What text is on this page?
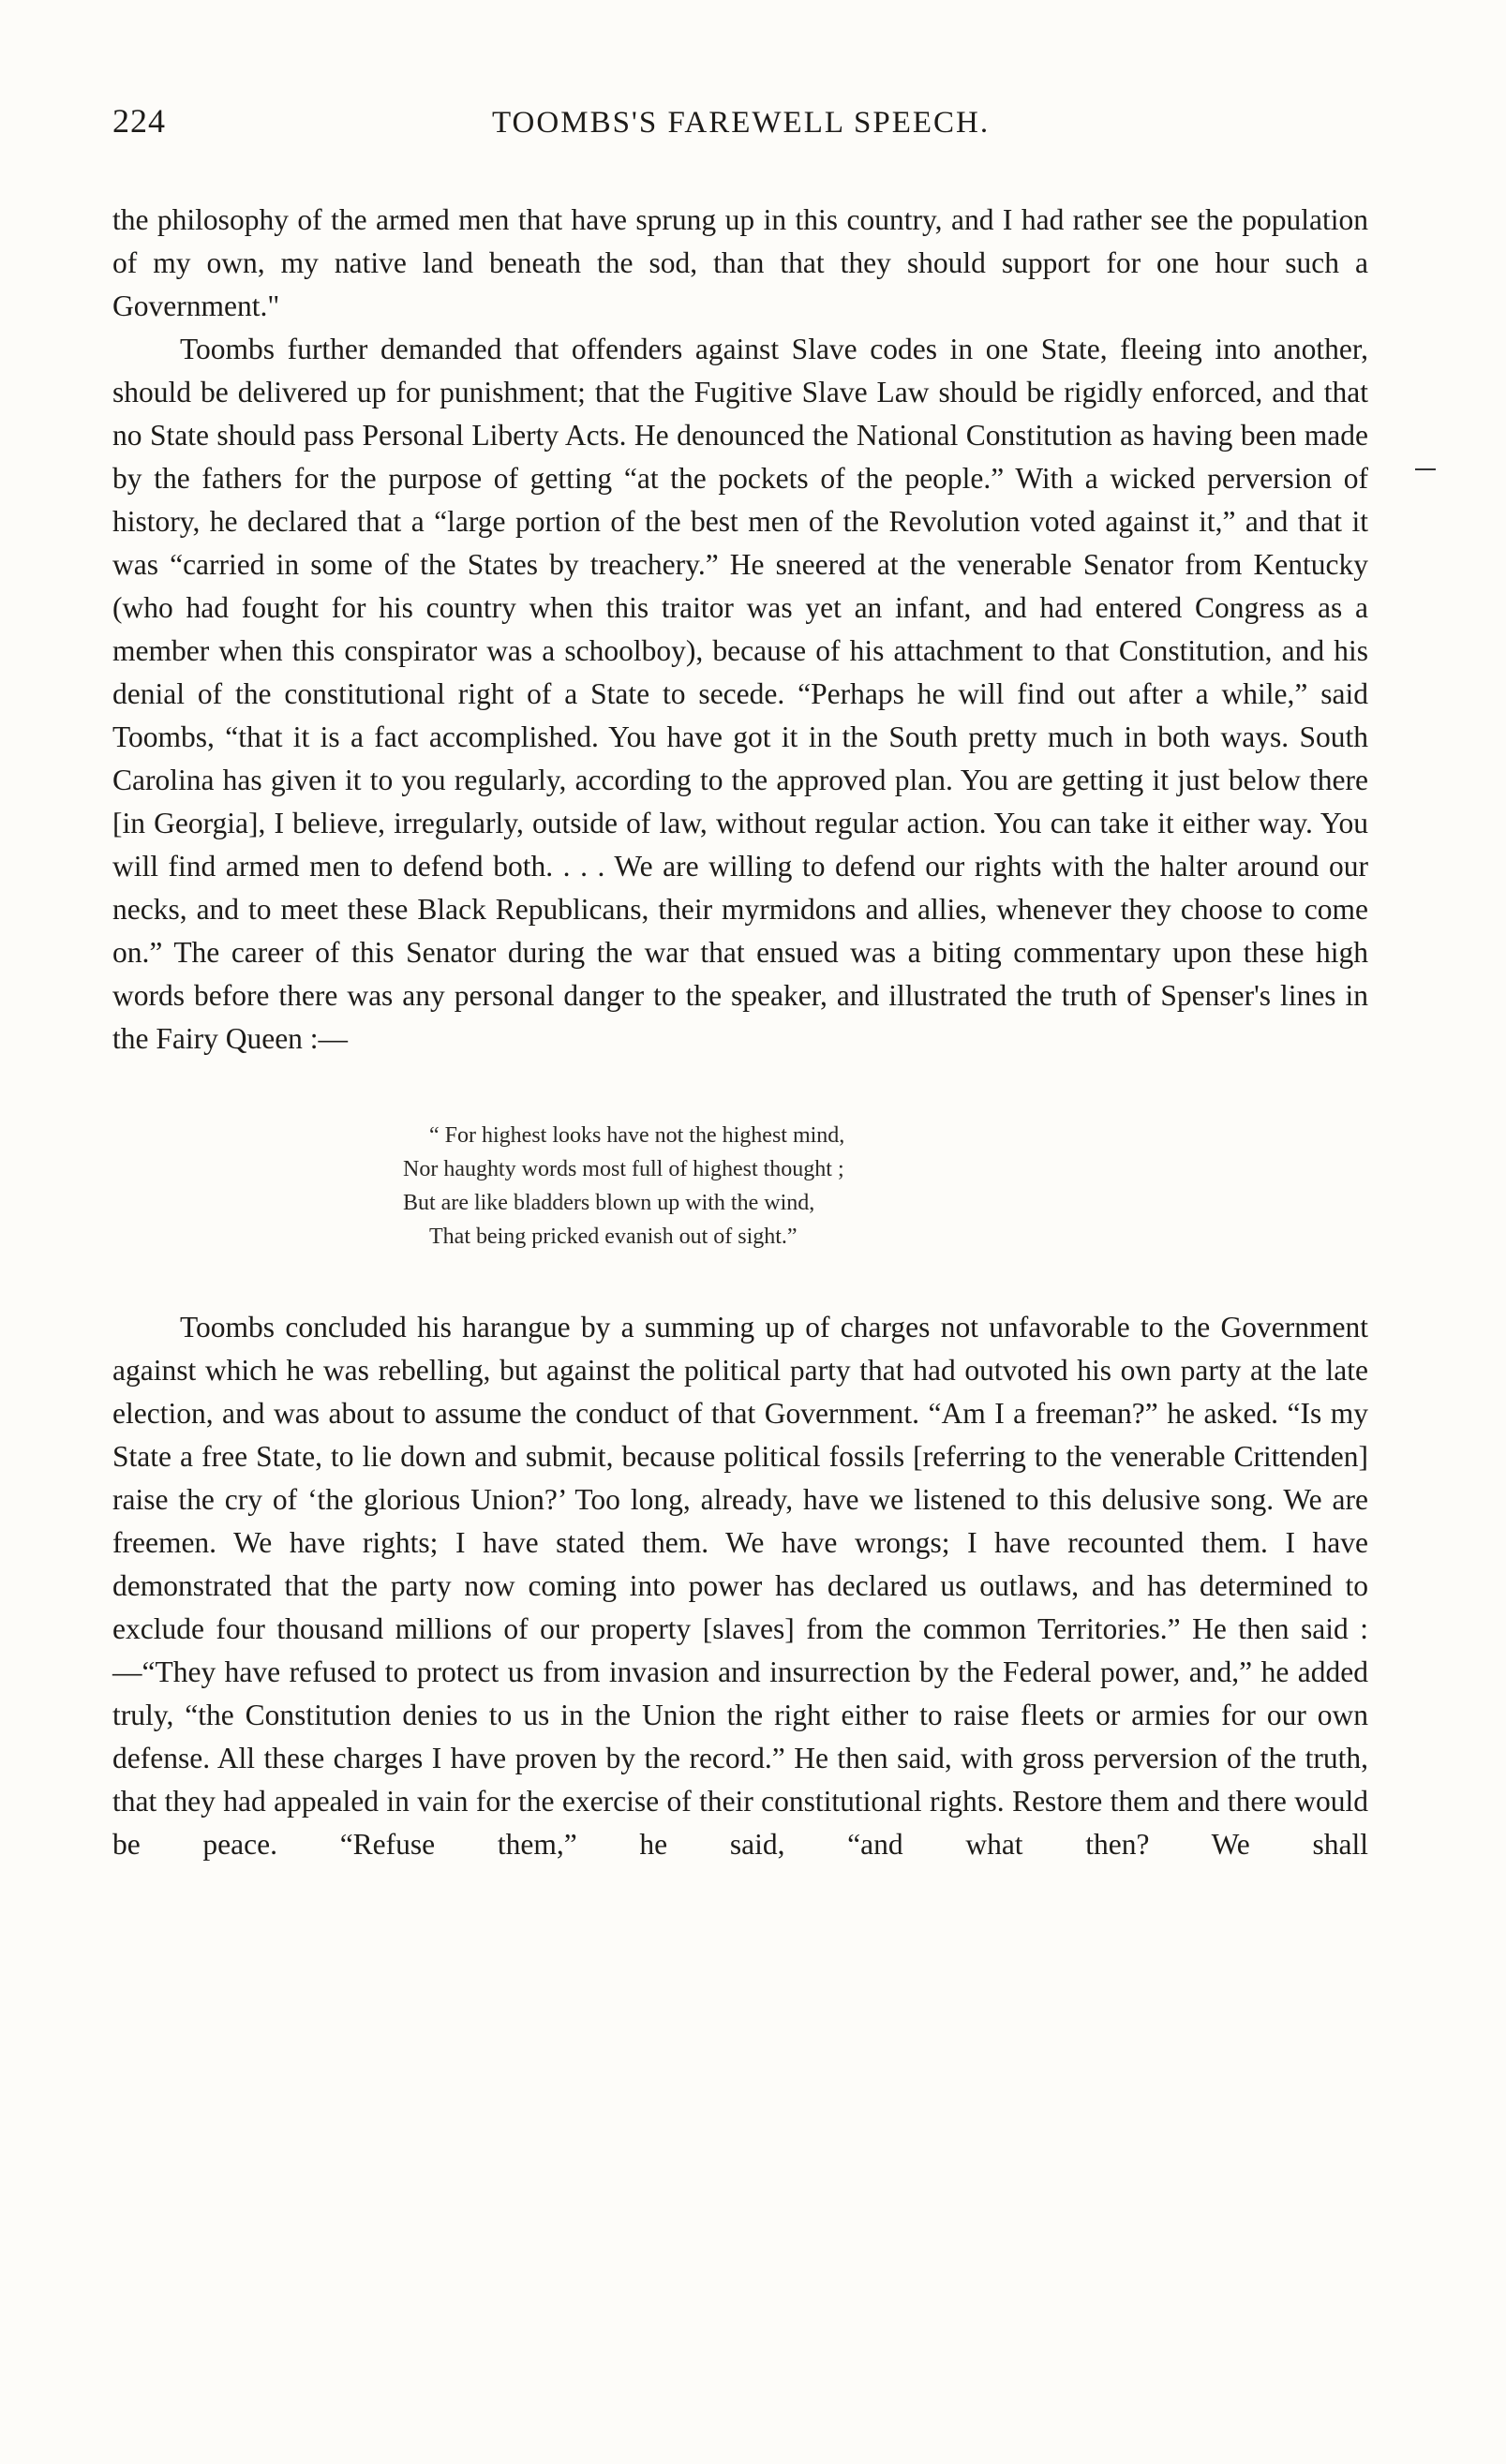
224	TOOMBS'S FAREWELL SPEECH.

the philosophy of the armed men that have sprung up in this country, and I had rather see the population of my own, my native land beneath the sod, than that they should support for one hour such a Government."

Toombs further demanded that offenders against Slave codes in one State, fleeing into another, should be delivered up for punishment; that the Fugitive Slave Law should be rigidly enforced, and that no State should pass Personal Liberty Acts. He denounced the National Constitution as having been made by the fathers for the purpose of getting “at the pockets of the people.” With a wicked perversion of history, he declared that a “large portion of the best men of the Revolution voted against it,” and that it was “carried in some of the States by treachery.” He sneered at the venerable Senator from Kentucky (who had fought for his country when this traitor was yet an infant, and had entered Congress as a member when this conspirator was a schoolboy), because of his attachment to that Constitution, and his denial of the constitutional right of a State to secede. “Perhaps he will find out after a while,” said Toombs, “that it is a fact accomplished. You have got it in the South pretty much in both ways. South Carolina has given it to you regularly, according to the approved plan. You are getting it just below there [in Georgia], I believe, irregularly, outside of law, without regular action. You can take it either way. You will find armed men to defend both. . . . We are willing to defend our rights with the halter around our necks, and to meet these Black Republicans, their myrmidons and allies, whenever they choose to come on.” The career of this Senator during the war that ensued was a biting commentary upon these high words before there was any personal danger to the speaker, and illustrated the truth of Spenser's lines in the Fairy Queen :—

“ For highest looks have not the highest mind,
Nor haughty words most full of highest thought ;
But are like bladders blown up with the wind,
That being pricked evanish out of sight.”

Toombs concluded his harangue by a summing up of charges not unfavorable to the Government against which he was rebelling, but against the political party that had outvoted his own party at the late election, and was about to assume the conduct of that Government. “Am I a freeman?” he asked. “Is my State a free State, to lie down and submit, because political fossils [referring to the venerable Crittenden] raise the cry of ‘the glorious Union?’ Too long, already, have we listened to this delusive song. We are freemen. We have rights; I have stated them. We have wrongs; I have recounted them. I have demonstrated that the party now coming into power has declared us outlaws, and has determined to exclude four thousand millions of our property [slaves] from the common Territories.” He then said :—“They have refused to protect us from invasion and insurrection by the Federal power, and,” he added truly, “the Constitution denies to us in the Union the right either to raise fleets or armies for our own defense. All these charges I have proven by the record.” He then said, with gross perversion of the truth, that they had appealed in vain for the exercise of their constitutional rights. Restore them and there would be peace. “Refuse them,” he said, “and what then? We shall
